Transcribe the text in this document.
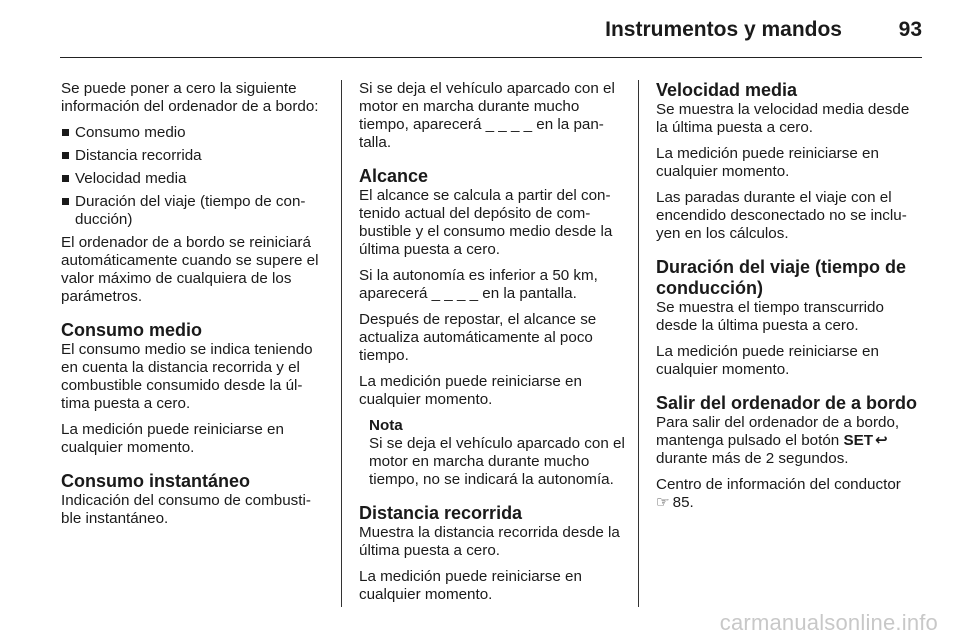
Instrumentos y mandos	93

Se puede poner a cero la siguiente información del ordenador de a bordo:

Consumo medio
Distancia recorrida
Velocidad media
Duración del viaje (tiempo de con-ducción)

El ordenador de a bordo se reiniciará automáticamente cuando se supere el valor máximo de cualquiera de los parámetros.

Consumo medio

El consumo medio se indica teniendo en cuenta la distancia recorrida y el combustible consumido desde la úl-tima puesta a cero.

La medición puede reiniciarse en cualquier momento.

Consumo instantáneo

Indicación del consumo de combusti-ble instantáneo.

Si se deja el vehículo aparcado con el motor en marcha durante mucho tiempo, aparecerá _ _ _ _ en la pan-talla.

Alcance

El alcance se calcula a partir del con-tenido actual del depósito de com-bustible y el consumo medio desde la última puesta a cero.

Si la autonomía es inferior a 50 km, aparecerá _ _ _ _ en la pantalla.

Después de repostar, el alcance se actualiza automáticamente al poco tiempo.

La medición puede reiniciarse en cualquier momento.

Nota
Si se deja el vehículo aparcado con el motor en marcha durante mucho tiempo, no se indicará la autonomía.
Distancia recorrida

Muestra la distancia recorrida desde la última puesta a cero.

La medición puede reiniciarse en cualquier momento.

Velocidad media

Se muestra la velocidad media desde la última puesta a cero.

La medición puede reiniciarse en cualquier momento.

Las paradas durante el viaje con el encendido desconectado no se inclu-yen en los cálculos.

Duración del viaje (tiempo de conducción)

Se muestra el tiempo transcurrido desde la última puesta a cero.

La medición puede reiniciarse en cualquier momento.

Salir del ordenador de a bordo

Para salir del ordenador de a bordo, mantenga pulsado el botón SET ↩ durante más de 2 segundos.

Centro de información del conductor
☞ 85.

carmanualsonline.info
